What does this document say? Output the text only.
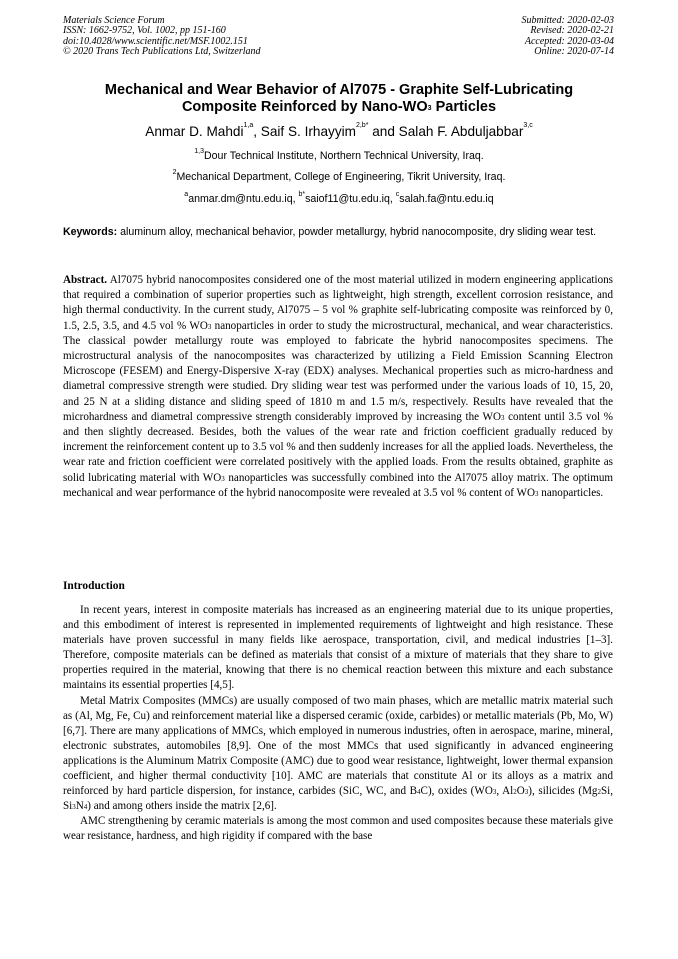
Materials Science Forum
ISSN: 1662-9752, Vol. 1002, pp 151-160
doi:10.4028/www.scientific.net/MSF.1002.151
© 2020 Trans Tech Publications Ltd, Switzerland
Submitted: 2020-02-03
Revised: 2020-02-21
Accepted: 2020-03-04
Online: 2020-07-14
Mechanical and Wear Behavior of Al7075 - Graphite Self-Lubricating
Composite Reinforced by Nano-$WO_3$ Particles
Anmar D. Mahdi$^{1,a}$, Saif S. Irhayyim$^{2,b*}$ and Salah F. Abduljabbar$^{3,c}$
$^{1,3}$Dour Technical Institute, Northern Technical University, Iraq.
$^2$Mechanical Department, College of Engineering, Tikrit University, Iraq.
$^a$anmar.dm@ntu.edu.iq, $^{b*}$saiof11@tu.edu.iq, $^c$salah.fa@ntu.edu.iq
Keywords: aluminum alloy, mechanical behavior, powder metallurgy, hybrid nanocomposite, dry sliding wear test.
Abstract. Al7075 hybrid nanocomposites considered one of the most material utilized in modern engineering applications that required a combination of superior properties such as lightweight, high strength, excellent corrosion resistance, and high thermal conductivity. In the current study, Al7075 – 5 vol % graphite self-lubricating composite was reinforced by 0, 1.5, 2.5, 3.5, and 4.5 vol % $WO_3$ nanoparticles in order to study the microstructural, mechanical, and wear characteristics. The classical powder metallurgy route was employed to fabricate the hybrid nanocomposites specimens. The microstructural analysis of the nanocomposites was characterized by utilizing a Field Emission Scanning Electron Microscope (FESEM) and Energy-Dispersive X-ray (EDX) analyses. Mechanical properties such as micro-hardness and diametral compressive strength were studied. Dry sliding wear test was performed under the various loads of 10, 15, 20, and 25 N at a sliding distance and sliding speed of 1810 m and 1.5 m/s, respectively. Results have revealed that the microhardness and diametral compressive strength considerably improved by increasing the $WO_3$ content until 3.5 vol % and then slightly decreased. Besides, both the values of the wear rate and friction coefficient gradually reduced by increment the reinforcement content up to 3.5 vol % and then suddenly increases for all the applied loads. Nevertheless, the wear rate and friction coefficient were correlated positively with the applied loads. From the results obtained, graphite as solid lubricating material with $WO_3$ nanoparticles was successfully combined into the Al7075 alloy matrix. The optimum mechanical and wear performance of the hybrid nanocomposite were revealed at 3.5 vol % content of $WO_3$ nanoparticles.
Introduction

In recent years, interest in composite materials has increased as an engineering material due to its unique properties, and this embodiment of interest is represented in implemented requirements of lightweight and high resistance. These materials have proven successful in many fields like aerospace, transportation, civil, and medical industries [1–3]. Therefore, composite materials can be defined as materials that consist of a mixture of materials that they share to give properties required in the material, knowing that there is no chemical reaction between this mixture and each substance maintains its essential properties [4,5].

Metal Matrix Composites (MMCs) are usually composed of two main phases, which are metallic matrix material such as (Al, Mg, Fe, Cu) and reinforcement material like a dispersed ceramic (oxide, carbides) or metallic materials (Pb, Mo, W) [6,7]. There are many applications of MMCs, which employed in numerous industries, often in aerospace, marine, mineral, electronic substrates, automobiles [8,9]. One of the most MMCs that used significantly in advanced engineering applications is the Aluminum Matrix Composite (AMC) due to good wear resistance, lightweight, lower thermal expansion coefficient, and higher thermal conductivity [10]. AMC are materials that constitute Al or its alloys as a matrix and reinforced by hard particle dispersion, for instance, carbides (SiC, WC, and $B_4C$), oxides ($WO_3$, $Al_2O_3$), silicides ($Mg_2Si$, $Si_3N_4$) and among others inside the matrix [2,6].

AMC strengthening by ceramic materials is among the most common and used composites because these materials give wear resistance, hardness, and high rigidity if compared with the base
